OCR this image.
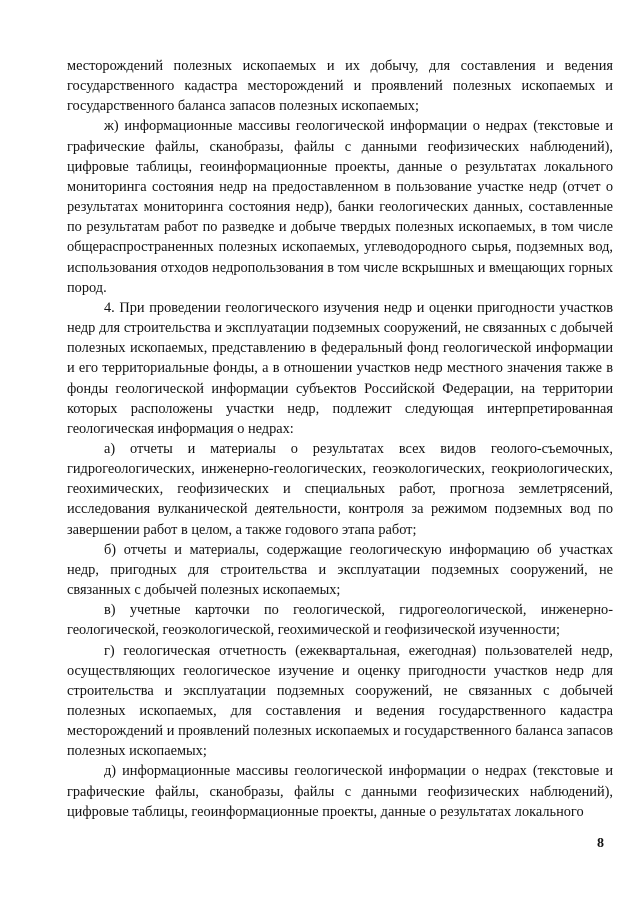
месторождений полезных ископаемых и их добычу, для составления и ведения государственного кадастра месторождений и проявлений полезных ископаемых и государственного баланса запасов полезных ископаемых;

ж) информационные массивы геологической информации о недрах (текстовые и графические файлы, сканобразы, файлы с данными геофизических наблюдений), цифровые таблицы, геоинформационные проекты, данные о результатах локального мониторинга состояния недр на предоставленном в пользование участке недр (отчет о результатах мониторинга состояния недр), банки геологических данных, составленные по результатам работ по разведке и добыче твердых полезных ископаемых, в том числе общераспространенных полезных ископаемых, углеводородного сырья, подземных вод, использования отходов недропользования в том числе вскрышных и вмещающих горных пород.

4. При проведении геологического изучения недр и оценки пригодности участков недр для строительства и эксплуатации подземных сооружений, не связанных с добычей полезных ископаемых, представлению в федеральный фонд геологической информации и его территориальные фонды, а в отношении участков недр местного значения также в фонды геологической информации субъектов Российской Федерации, на территории которых расположены участки недр, подлежит следующая интерпретированная геологическая информация о недрах:

а) отчеты и материалы о результатах всех видов геолого-съемочных, гидрогеологических, инженерно-геологических, геоэкологических, геокриологических, геохимических, геофизических и специальных работ, прогноза землетрясений, исследования вулканической деятельности, контроля за режимом подземных вод по завершении работ в целом, а также годового этапа работ;

б) отчеты и материалы, содержащие геологическую информацию об участках недр, пригодных для строительства и эксплуатации подземных сооружений, не связанных с добычей полезных ископаемых;

в) учетные карточки по геологической, гидрогеологической, инженерно-геологической, геоэкологической, геохимической и геофизической изученности;

г) геологическая отчетность (ежеквартальная, ежегодная) пользователей недр, осуществляющих геологическое изучение и оценку пригодности участков недр для строительства и эксплуатации подземных сооружений, не связанных с добычей полезных ископаемых, для составления и ведения государственного кадастра месторождений и проявлений полезных ископаемых и государственного баланса запасов полезных ископаемых;

д) информационные массивы геологической информации о недрах (текстовые и графические файлы, сканобразы, файлы с данными геофизических наблюдений), цифровые таблицы, геоинформационные проекты, данные о результатах локального

8
